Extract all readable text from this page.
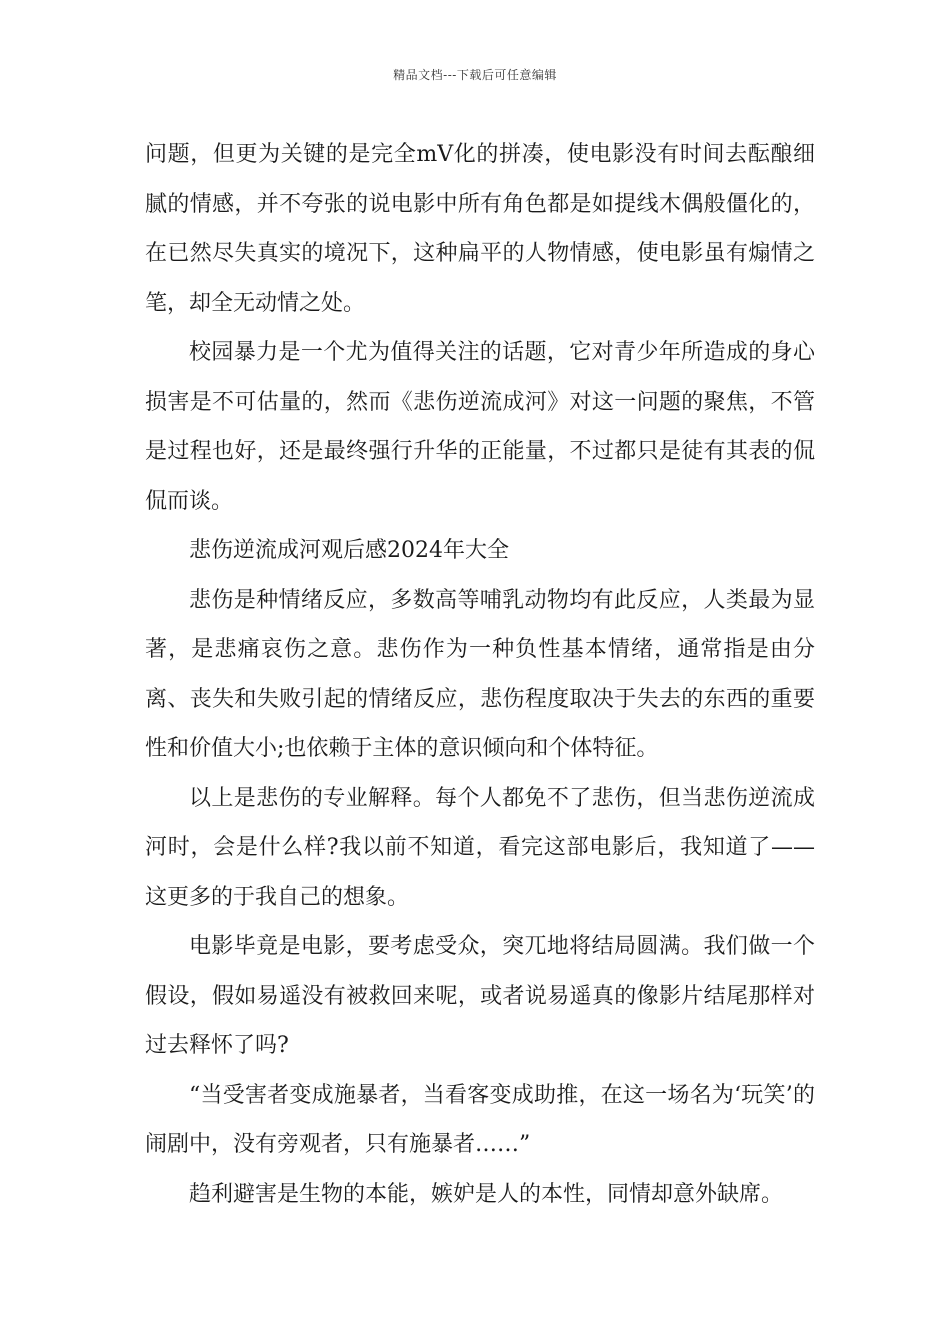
精品文档---下载后可任意编辑

问题，但更为关键的是完全mV化的拼凑，使电影没有时间去酝酿细腻的情感，并不夸张的说电影中所有角色都是如提线木偶般僵化的，在已然尽失真实的境况下，这种扁平的人物情感，使电影虽有煽情之笔，却全无动情之处。

校园暴力是一个尤为值得关注的话题，它对青少年所造成的身心损害是不可估量的，然而《悲伤逆流成河》对这一问题的聚焦，不管是过程也好，还是最终强行升华的正能量，不过都只是徒有其表的侃侃而谈。

悲伤逆流成河观后感2024年大全

悲伤是种情绪反应，多数高等哺乳动物均有此反应，人类最为显著，是悲痛哀伤之意。悲伤作为一种负性基本情绪，通常指是由分离、丧失和失败引起的情绪反应，悲伤程度取决于失去的东西的重要性和价值大小;也依赖于主体的意识倾向和个体特征。

以上是悲伤的专业解释。每个人都免不了悲伤，但当悲伤逆流成河时，会是什么样?我以前不知道，看完这部电影后，我知道了——这更多的于我自己的想象。

电影毕竟是电影，要考虑受众，突兀地将结局圆满。我们做一个假设，假如易遥没有被救回来呢，或者说易遥真的像影片结尾那样对过去释怀了吗?

“当受害者变成施暴者，当看客变成助推，在这一场名为‘玩笑’的闹剧中，没有旁观者，只有施暴者……”

趋利避害是生物的本能，嫉妒是人的本性，同情却意外缺席。
